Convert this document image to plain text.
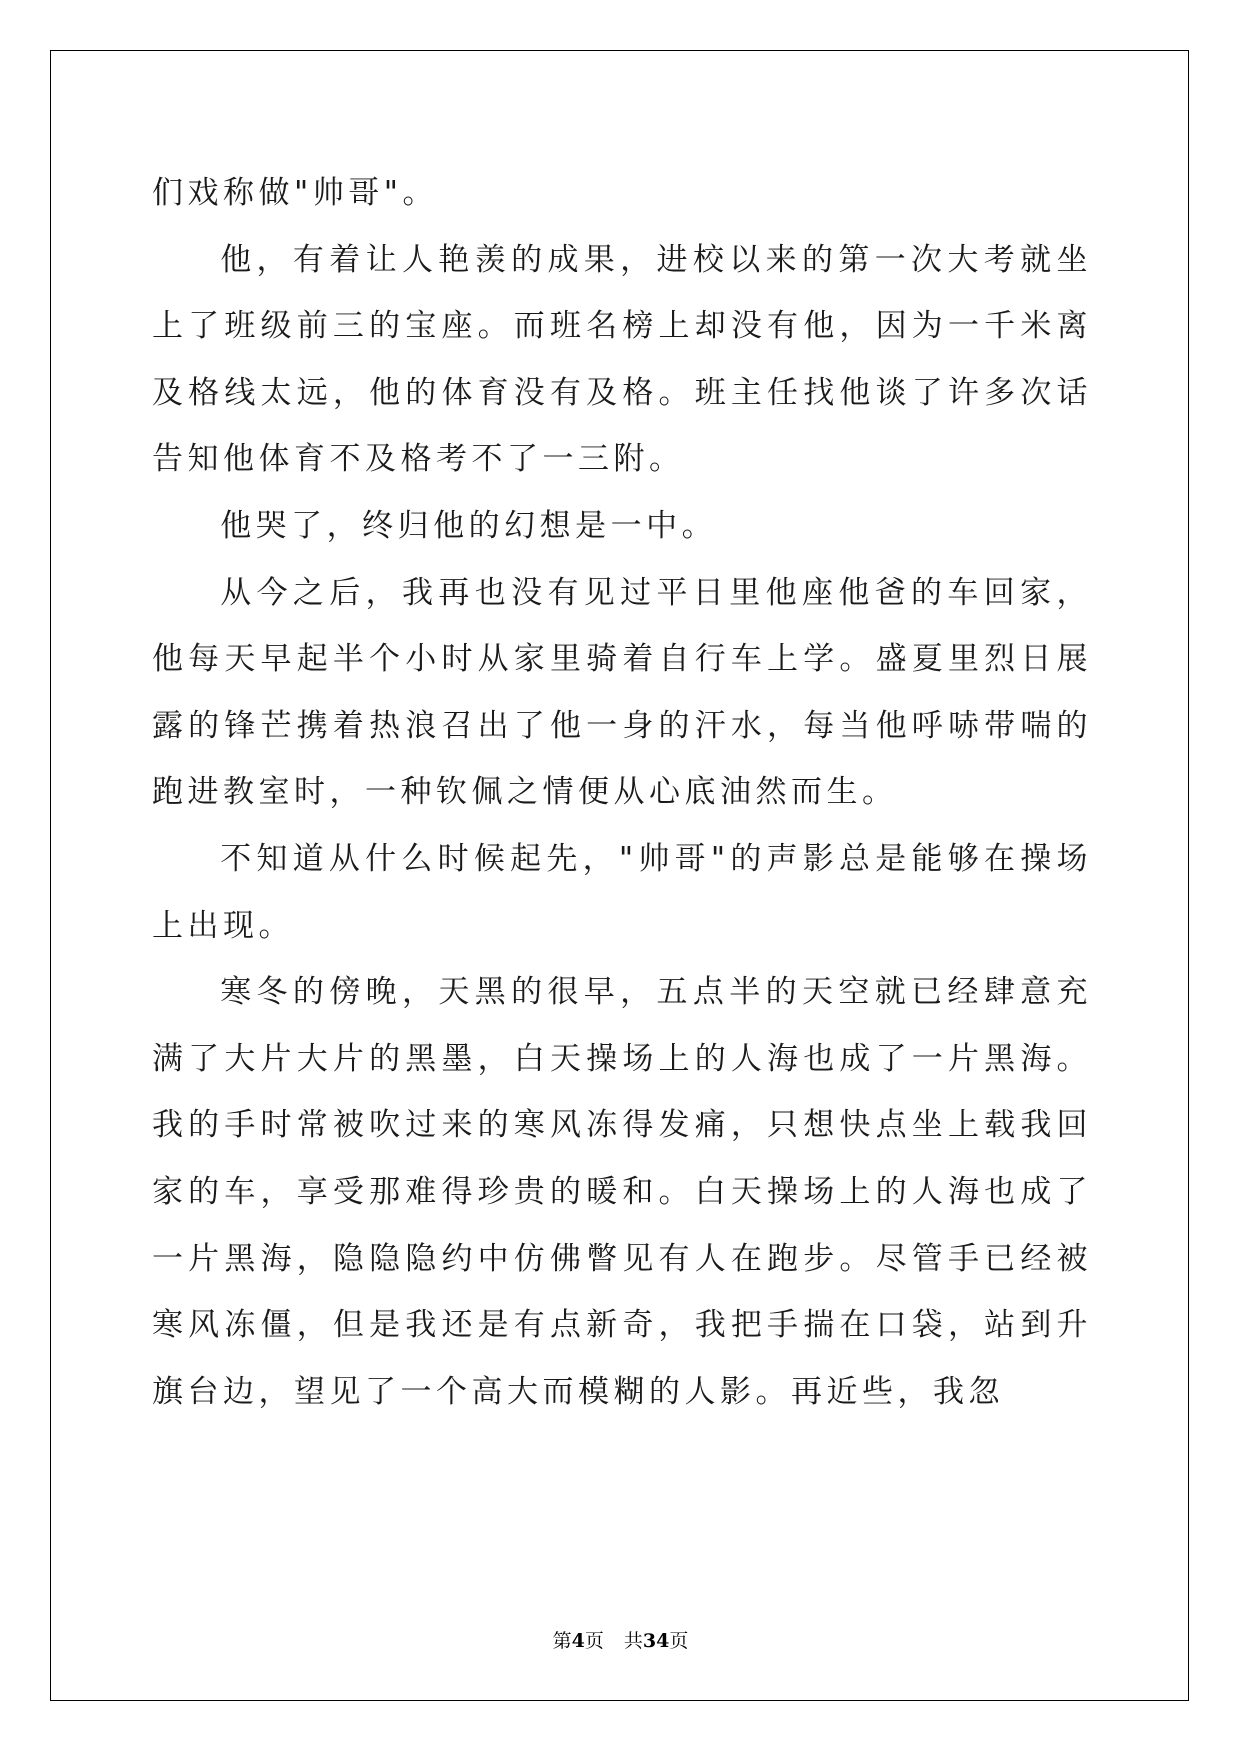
们戏称做"帅哥"。

他，有着让人艳羡的成果，进校以来的第一次大考就坐上了班级前三的宝座。而班名榜上却没有他，因为一千米离及格线太远，他的体育没有及格。班主任找他谈了许多次话告知他体育不及格考不了一三附。

他哭了，终归他的幻想是一中。

从今之后，我再也没有见过平日里他座他爸的车回家，他每天早起半个小时从家里骑着自行车上学。盛夏里烈日展露的锋芒携着热浪召出了他一身的汗水，每当他呼哧带喘的跑进教室时，一种钦佩之情便从心底油然而生。

不知道从什么时候起先，"帅哥"的声影总是能够在操场上出现。

寒冬的傍晚，天黑的很早，五点半的天空就已经肆意充满了大片大片的黑墨，白天操场上的人海也成了一片黑海。我的手时常被吹过来的寒风冻得发痛，只想快点坐上载我回家的车，享受那难得珍贵的暖和。白天操场上的人海也成了一片黑海，隐隐隐约中仿佛瞥见有人在跑步。尽管手已经被寒风冻僵，但是我还是有点新奇，我把手揣在口袋，站到升旗台边，望见了一个高大而模糊的人影。再近些，我忽

第4页 共34页
